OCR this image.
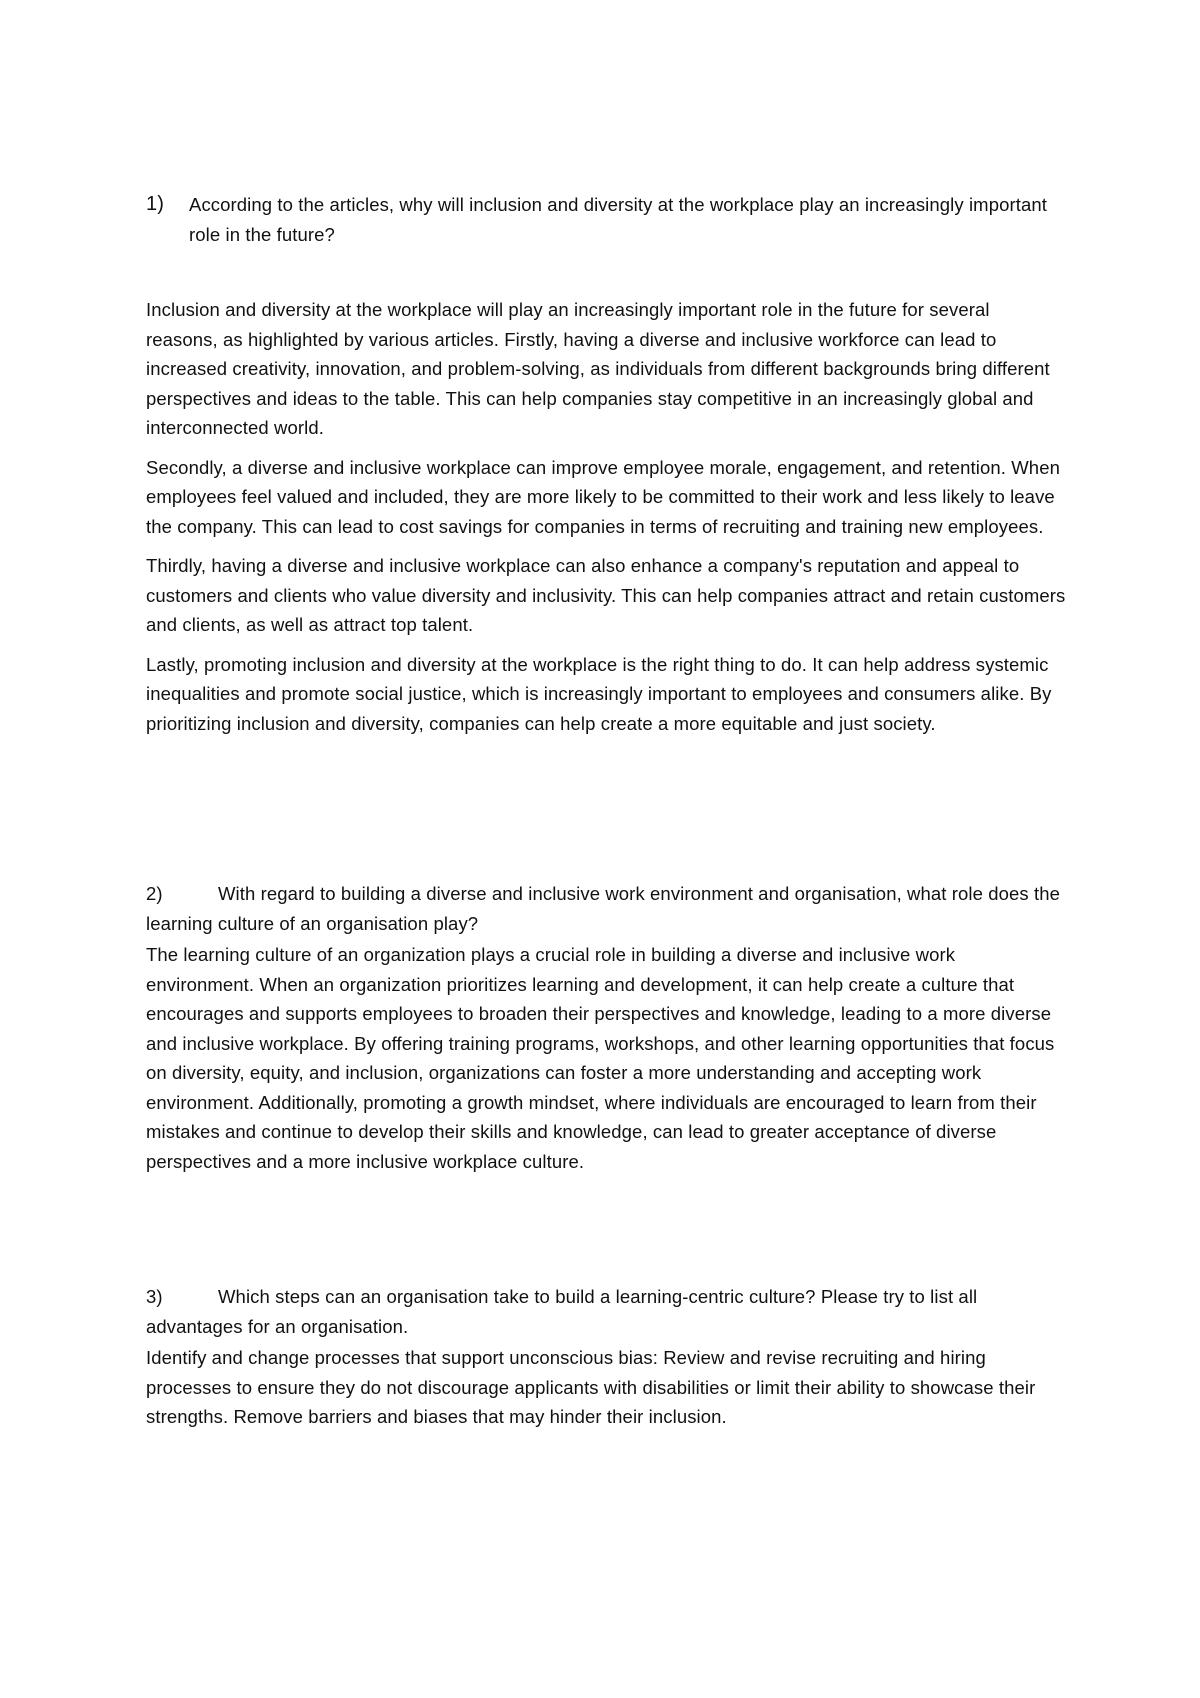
1) According to the articles, why will inclusion and diversity at the workplace play an increasingly important role in the future?

Inclusion and diversity at the workplace will play an increasingly important role in the future for several reasons, as highlighted by various articles. Firstly, having a diverse and inclusive workforce can lead to increased creativity, innovation, and problem-solving, as individuals from different backgrounds bring different perspectives and ideas to the table. This can help companies stay competitive in an increasingly global and interconnected world.

Secondly, a diverse and inclusive workplace can improve employee morale, engagement, and retention. When employees feel valued and included, they are more likely to be committed to their work and less likely to leave the company. This can lead to cost savings for companies in terms of recruiting and training new employees.

Thirdly, having a diverse and inclusive workplace can also enhance a company's reputation and appeal to customers and clients who value diversity and inclusivity. This can help companies attract and retain customers and clients, as well as attract top talent.

Lastly, promoting inclusion and diversity at the workplace is the right thing to do. It can help address systemic inequalities and promote social justice, which is increasingly important to employees and consumers alike. By prioritizing inclusion and diversity, companies can help create a more equitable and just society.

2)	With regard to building a diverse and inclusive work environment and organisation, what role does the learning culture of an organisation play?

The learning culture of an organization plays a crucial role in building a diverse and inclusive work environment. When an organization prioritizes learning and development, it can help create a culture that encourages and supports employees to broaden their perspectives and knowledge, leading to a more diverse and inclusive workplace. By offering training programs, workshops, and other learning opportunities that focus on diversity, equity, and inclusion, organizations can foster a more understanding and accepting work environment. Additionally, promoting a growth mindset, where individuals are encouraged to learn from their mistakes and continue to develop their skills and knowledge, can lead to greater acceptance of diverse perspectives and a more inclusive workplace culture.

3)	Which steps can an organisation take to build a learning-centric culture? Please try to list all advantages for an organisation.

Identify and change processes that support unconscious bias: Review and revise recruiting and hiring processes to ensure they do not discourage applicants with disabilities or limit their ability to showcase their strengths. Remove barriers and biases that may hinder their inclusion.
